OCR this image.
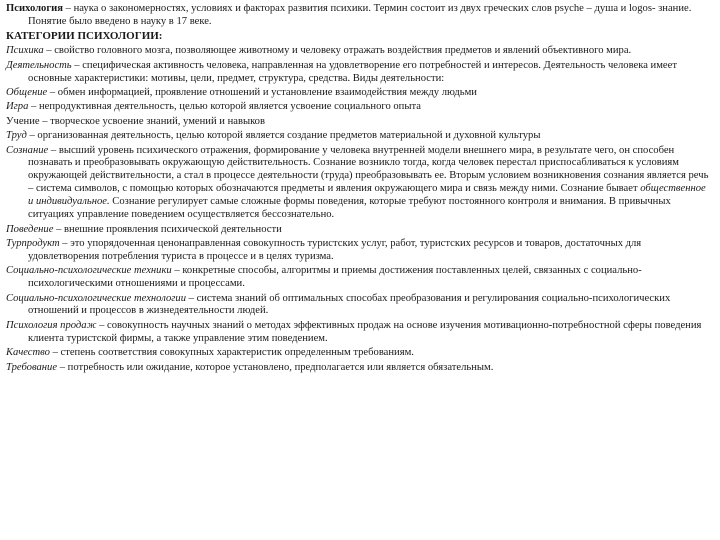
Психология – наука о закономерностях, условиях и факторах развития психики. Термин состоит из двух греческих слов psyche – душа и logos- знание. Понятие было введено в науку в 17 веке.

КАТЕГОРИИ ПСИХОЛОГИИ:

Психика – свойство головного мозга, позволяющее животному и человеку отражать воздействия предметов и явлений объективного мира.

Деятельность – специфическая активность человека, направленная на удовлетворение его потребностей и интересов. Деятельность человека имеет основные характеристики: мотивы, цели, предмет, структура, средства. Виды деятельности:

Общение – обмен информацией, проявление отношений и установление взаимодействия между людьми

Игра – непродуктивная деятельность, целью которой является усвоение социального опыта

Учение – творческое усвоение знаний, умений и навыков

Труд – организованная деятельность, целью которой является создание предметов материальной и духовной культуры

Сознание – высший уровень психического отражения, формирование у человека внутренней модели внешнего мира, в результате чего, он способен познавать и преобразовывать окружающую действительность. Сознание возникло тогда, когда человек перестал приспосабливаться к условиям окружающей действительности, а стал в процессе деятельности (труда) преобразовывать ее. Вторым условием возникновения сознания является речь – система символов, с помощью которых обозначаются предметы и явления окружающего мира и связь между ними. Сознание бывает общественное и индивидуальное. Сознание регулирует самые сложные формы поведения, которые требуют постоянного контроля и внимания. В привычных ситуациях управление поведением осуществляется бессознательно.

Поведение – внешние проявления психической деятельности

Турпродукт – это упорядоченная ценонаправленная совокупность туристских услуг, работ, туристских ресурсов и товаров, достаточных для удовлетворения потребления туриста в процессе и в целях туризма.

Социально-психологические техники – конкретные способы, алгоритмы и приемы достижения поставленных целей, связанных с социально-психологическими отношениями и процессами.

Социально-психологические технологии – система знаний об оптимальных способах преобразования и регулирования социально-психологических отношений и процессов в жизнедеятельности людей.

Психология продаж – совокупность научных знаний о методах эффективных продаж на основе изучения мотивационно-потребностной сферы поведения клиента туристской фирмы, а также управление этим поведением.

Качество – степень соответствия совокупных характеристик определенным требованиям.

Требование – потребность или ожидание, которое установлено, предполагается или является обязательным.
